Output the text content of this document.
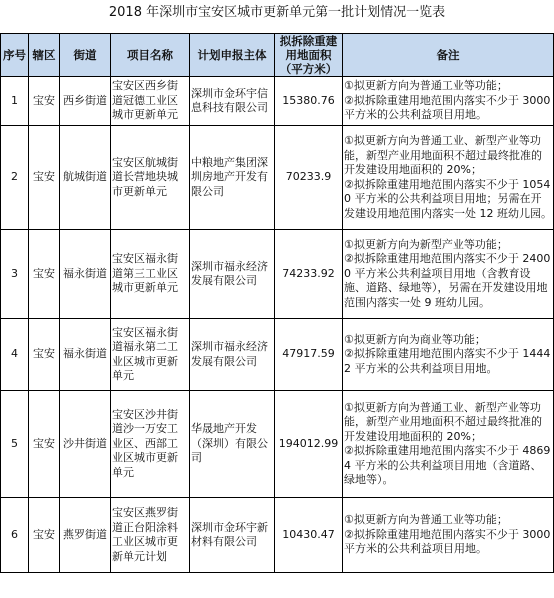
2018 年深圳市宝安区城市更新单元第一批计划情况一览表
序号	辖区	街道	项目名称	计划申报主体	拟拆除重建用地面积（平方米）	备注
1	宝安	西乡街道	宝安区西乡街道冠德工业区城市更新单元	深圳市金环宇信息科技有限公司	15380.76	①拟更新方向为普通工业等功能；
②拟拆除重建用地范围内落实不少于 3000 平方米的公共利益项目用地。

2	宝安	航城街道	宝安区航城街道长营地块城市更新单元	中粮地产集团深圳房地产开发有限公司	70233.9	①拟更新方向为普通工业、新型产业等功能，新型产业用地面积不超过最终批准的开发建设用地面积的 20%；
②拟拆除重建用地范围内落实不少于 10540 平方米的公共利益项目用地；另需在开发建设用地范围内落实一处 12 班幼儿园。

3	宝安	福永街道	宝安区福永街道第三工业区城市更新单元	深圳市福永经济发展有限公司	74233.92	①拟更新方向为新型产业等功能；
②拟拆除重建用地范围内落实不少于 24000 平方米公共利益项目用地（含教育设施、道路、绿地等），另需在开发建设用地范围内落实一处 9 班幼儿园。

4	宝安	福永街道	宝安区福永街道福永第二工业区城市更新单元	深圳市福永经济发展有限公司	47917.59	①拟更新方向为商业等功能；
②拟拆除重建用地范围内落实不少于 14442 平方米的公共利益项目用地。

5	宝安	沙井街道	宝安区沙井街道沙一万安工业区、西部工业区城市更新单元	华晟地产开发（深圳）有限公司	194012.99	①拟更新方向为普通工业、新型产业等功能，新型产业用地面积不超过最终批准的开发建设用地面积的 20%；
②拟拆除重建用地范围内落实不少于 48694 平方米的公共利益项目用地（含道路、绿地等）。

6	宝安	燕罗街道	宝安区燕罗街道正台阳涂料工业区城市更新单元计划	深圳市金环宇新材料有限公司	10430.47	①拟更新方向为普通工业等功能；
②拟拆除重建用地范围内落实不少于 3000 平方米的公共利益项目用地。
